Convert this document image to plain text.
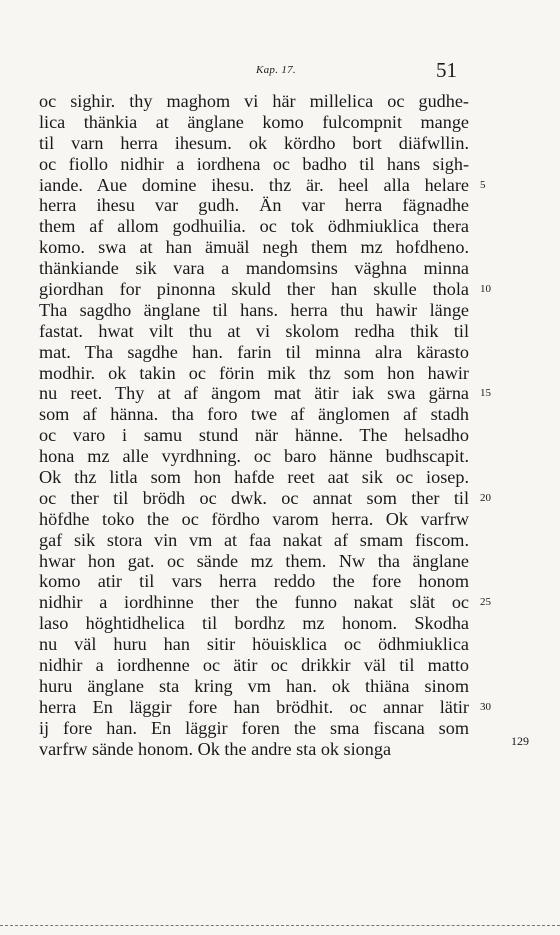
Kap. 17.	51
oc sighir. thy maghom vi här millelica oc gudhe-
lica thänkia at änglane komo fulcompnit mange
til varn herra ihesum. ok kördho bort diäfwllin.
oc fiollo nidhir a iordhena oc badho til hans sigh-
iande. Aue domine ihesu. thz är. heel alla helare
herra ihesu var gudh. Än var herra fägnadhe
them af allom godhuilia. oc tok ödhmiuklica thera
komo. swa at han ämuäl negh them mz hofdheno.
thänkiande sik vara a mandomsins väghna minna
giordhan for pinonna skuld ther han skulle thola
Tha sagdho änglane til hans. herra thu hawir länge
fastat. hwat vilt thu at vi skolom redha thik til
mat. Tha sagdhe han. farin til minna alra kärasto
modhir. ok takin oc förin mik thz som hon hawir
nu reet. Thy at af ängom mat ätir iak swa gärna
som af hänna. tha foro twe af änglomen af stadh
oc varo i samu stund när hänne. The helsadho
hona mz alle vyrdhning. oc baro hänne budhscapit.
Ok thz litla som hon hafde reet aat sik oc iosep.
oc ther til brödh oc dwk. oc annat som ther til
höfdhe toko the oc fördho varom herra. Ok varfrw
gaf sik stora vin vm at faa nakat af smam fiscom.
hwar hon gat. oc sände mz them. Nw tha änglane
komo atir til vars herra reddo the fore honom
nidhir a iordhinne ther the funno nakat slät oc
laso höghtidhelica til bordhz mz honom. Skodha
nu väl huru han sitir höuisklica oc ödhmiuklica
nidhir a iordhenne oc ätir oc drikkir väl til matto
huru änglane sta kring vm han. ok thiäna sinom
herra En läggir fore han brödhit. oc annar lätir
ij fore han. En läggir foren the sma fiscana som
varfrw sände honom. Ok the andre sta ok sionga
5
10
15
20
25
30
129
